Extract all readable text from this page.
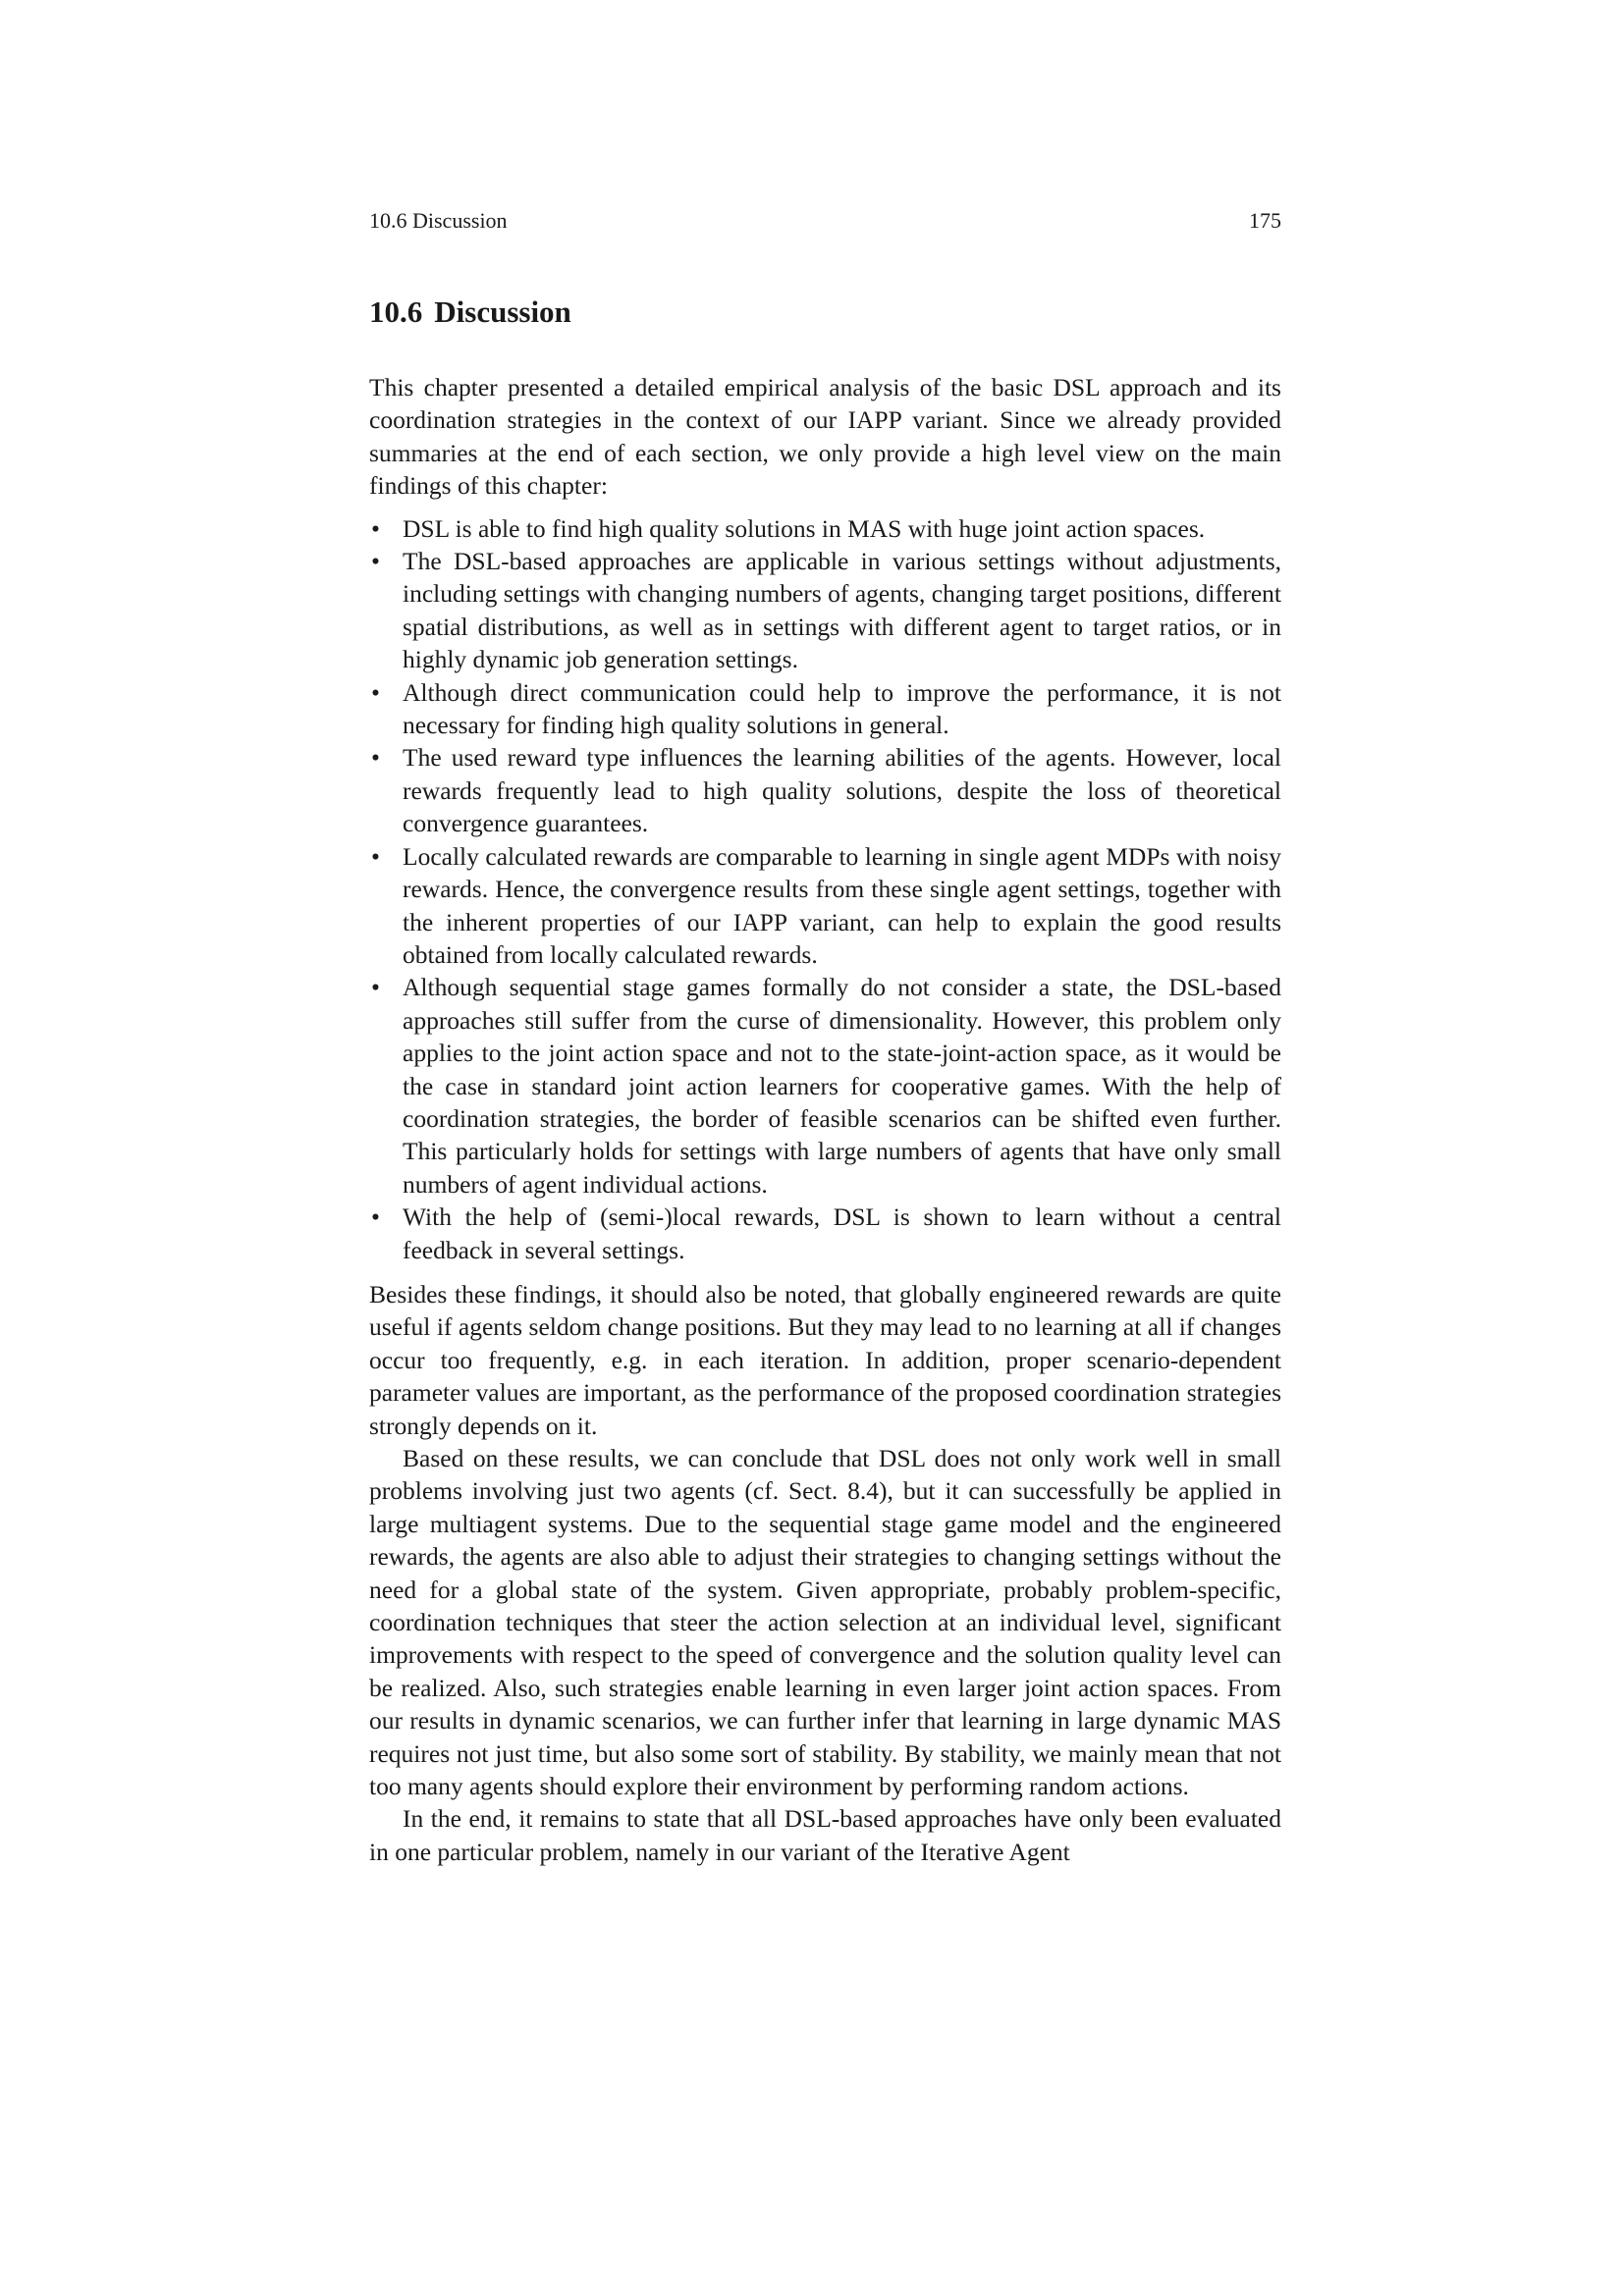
10.6 Discussion	175
10.6 Discussion

This chapter presented a detailed empirical analysis of the basic DSL approach and its coordination strategies in the context of our IAPP variant. Since we already provided summaries at the end of each section, we only provide a high level view on the main findings of this chapter:

• DSL is able to find high quality solutions in MAS with huge joint action spaces.
• The DSL-based approaches are applicable in various settings without adjustments, including settings with changing numbers of agents, changing target positions, different spatial distributions, as well as in settings with different agent to target ratios, or in highly dynamic job generation settings.
• Although direct communication could help to improve the performance, it is not necessary for finding high quality solutions in general.
• The used reward type influences the learning abilities of the agents. However, local rewards frequently lead to high quality solutions, despite the loss of theoretical convergence guarantees.
• Locally calculated rewards are comparable to learning in single agent MDPs with noisy rewards. Hence, the convergence results from these single agent settings, together with the inherent properties of our IAPP variant, can help to explain the good results obtained from locally calculated rewards.
• Although sequential stage games formally do not consider a state, the DSL-based approaches still suffer from the curse of dimensionality. However, this problem only applies to the joint action space and not to the state-joint-action space, as it would be the case in standard joint action learners for cooperative games. With the help of coordination strategies, the border of feasible scenarios can be shifted even further. This particularly holds for settings with large numbers of agents that have only small numbers of agent individual actions.
• With the help of (semi-)local rewards, DSL is shown to learn without a central feedback in several settings.

Besides these findings, it should also be noted, that globally engineered rewards are quite useful if agents seldom change positions. But they may lead to no learning at all if changes occur too frequently, e.g. in each iteration. In addition, proper scenario-dependent parameter values are important, as the performance of the proposed coordination strategies strongly depends on it.

Based on these results, we can conclude that DSL does not only work well in small problems involving just two agents (cf. Sect. 8.4), but it can successfully be applied in large multiagent systems. Due to the sequential stage game model and the engineered rewards, the agents are also able to adjust their strategies to changing settings without the need for a global state of the system. Given appropriate, probably problem-specific, coordination techniques that steer the action selection at an individual level, significant improvements with respect to the speed of convergence and the solution quality level can be realized. Also, such strategies enable learning in even larger joint action spaces. From our results in dynamic scenarios, we can further infer that learning in large dynamic MAS requires not just time, but also some sort of stability. By stability, we mainly mean that not too many agents should explore their environment by performing random actions.

In the end, it remains to state that all DSL-based approaches have only been evaluated in one particular problem, namely in our variant of the Iterative Agent
